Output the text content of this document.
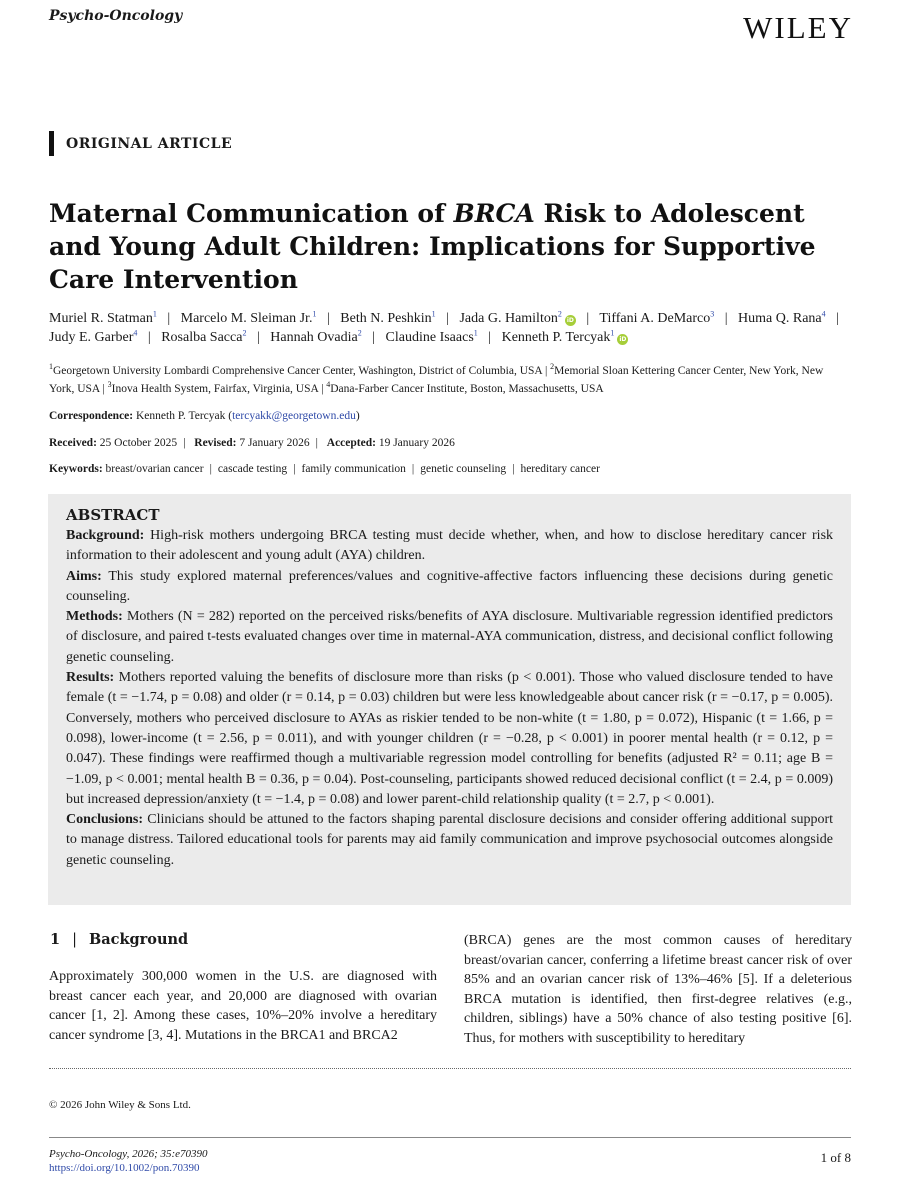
Psycho-Oncology	WILEY
ORIGINAL ARTICLE
Maternal Communication of BRCA Risk to Adolescent and Young Adult Children: Implications for Supportive Care Intervention
Muriel R. Statman$^1$ | Marcelo M. Sleiman Jr.$^1$ | Beth N. Peshkin$^1$ | Jada G. Hamilton$^2$iD | Tiffani A. DeMarco$^3$ | Huma Q. Rana$^4$ | Judy E. Garber$^4$ | Rosalba Sacca$^2$ | Hannah Ovadia$^2$ | Claudine Isaacs$^1$ | Kenneth P. Tercyak$^1$iD
$^1$Georgetown University Lombardi Comprehensive Cancer Center, Washington, District of Columbia, USA | $^2$Memorial Sloan Kettering Cancer Center, New York, New York, USA | $^3$Inova Health System, Fairfax, Virginia, USA | $^4$Dana-Farber Cancer Institute, Boston, Massachusetts, USA
Correspondence: Kenneth P. Tercyak (tercyakk@georgetown.edu)
Received: 25 October 2025 | Revised: 7 January 2026 | Accepted: 19 January 2026
Keywords: breast/ovarian cancer | cascade testing | family communication | genetic counseling | hereditary cancer
ABSTRACT

Background: High-risk mothers undergoing BRCA testing must decide whether, when, and how to disclose hereditary cancer risk information to their adolescent and young adult (AYA) children.

Aims: This study explored maternal preferences/values and cognitive-affective factors influencing these decisions during genetic counseling.

Methods: Mothers (N = 282) reported on the perceived risks/benefits of AYA disclosure. Multivariable regression identified predictors of disclosure, and paired t-tests evaluated changes over time in maternal-AYA communication, distress, and decisional conflict following genetic counseling.

Results: Mothers reported valuing the benefits of disclosure more than risks (p < 0.001). Those who valued disclosure tended to have female (t = −1.74, p = 0.08) and older (r = 0.14, p = 0.03) children but were less knowledgeable about cancer risk (r = −0.17, p = 0.005). Conversely, mothers who perceived disclosure to AYAs as riskier tended to be non-white (t = 1.80, p = 0.072), Hispanic (t = 1.66, p = 0.098), lower-income (t = 2.56, p = 0.011), and with younger children (r = −0.28, p < 0.001) in poorer mental health (r = 0.12, p = 0.047). These findings were reaffirmed though a multivariable regression model controlling for benefits (adjusted R² = 0.11; age B = −1.09, p < 0.001; mental health B = 0.36, p = 0.04). Post-counseling, participants showed reduced decisional conflict (t = 2.4, p = 0.009) but increased depression/anxiety (t = −1.4, p = 0.08) and lower parent-child relationship quality (t = 2.7, p < 0.001).

Conclusions: Clinicians should be attuned to the factors shaping parental disclosure decisions and consider offering additional support to manage distress. Tailored educational tools for parents may aid family communication and improve psychosocial outcomes alongside genetic counseling.

1 | Background
Approximately 300,000 women in the U.S. are diagnosed with breast cancer each year, and 20,000 are diagnosed with ovarian cancer [1, 2]. Among these cases, 10%–20% involve a hereditary cancer syndrome [3, 4]. Mutations in the BRCA1 and BRCA2
(BRCA) genes are the most common causes of hereditary breast/ovarian cancer, conferring a lifetime breast cancer risk of over 85% and an ovarian cancer risk of 13%–46% [5]. If a deleterious BRCA mutation is identified, then first-degree relatives (e.g., children, siblings) have a 50% chance of also testing positive [6]. Thus, for mothers with susceptibility to hereditary
© 2026 John Wiley & Sons Ltd.
Psycho-Oncology, 2026; 35:e70390
https://doi.org/10.1002/pon.70390
1 of 8
